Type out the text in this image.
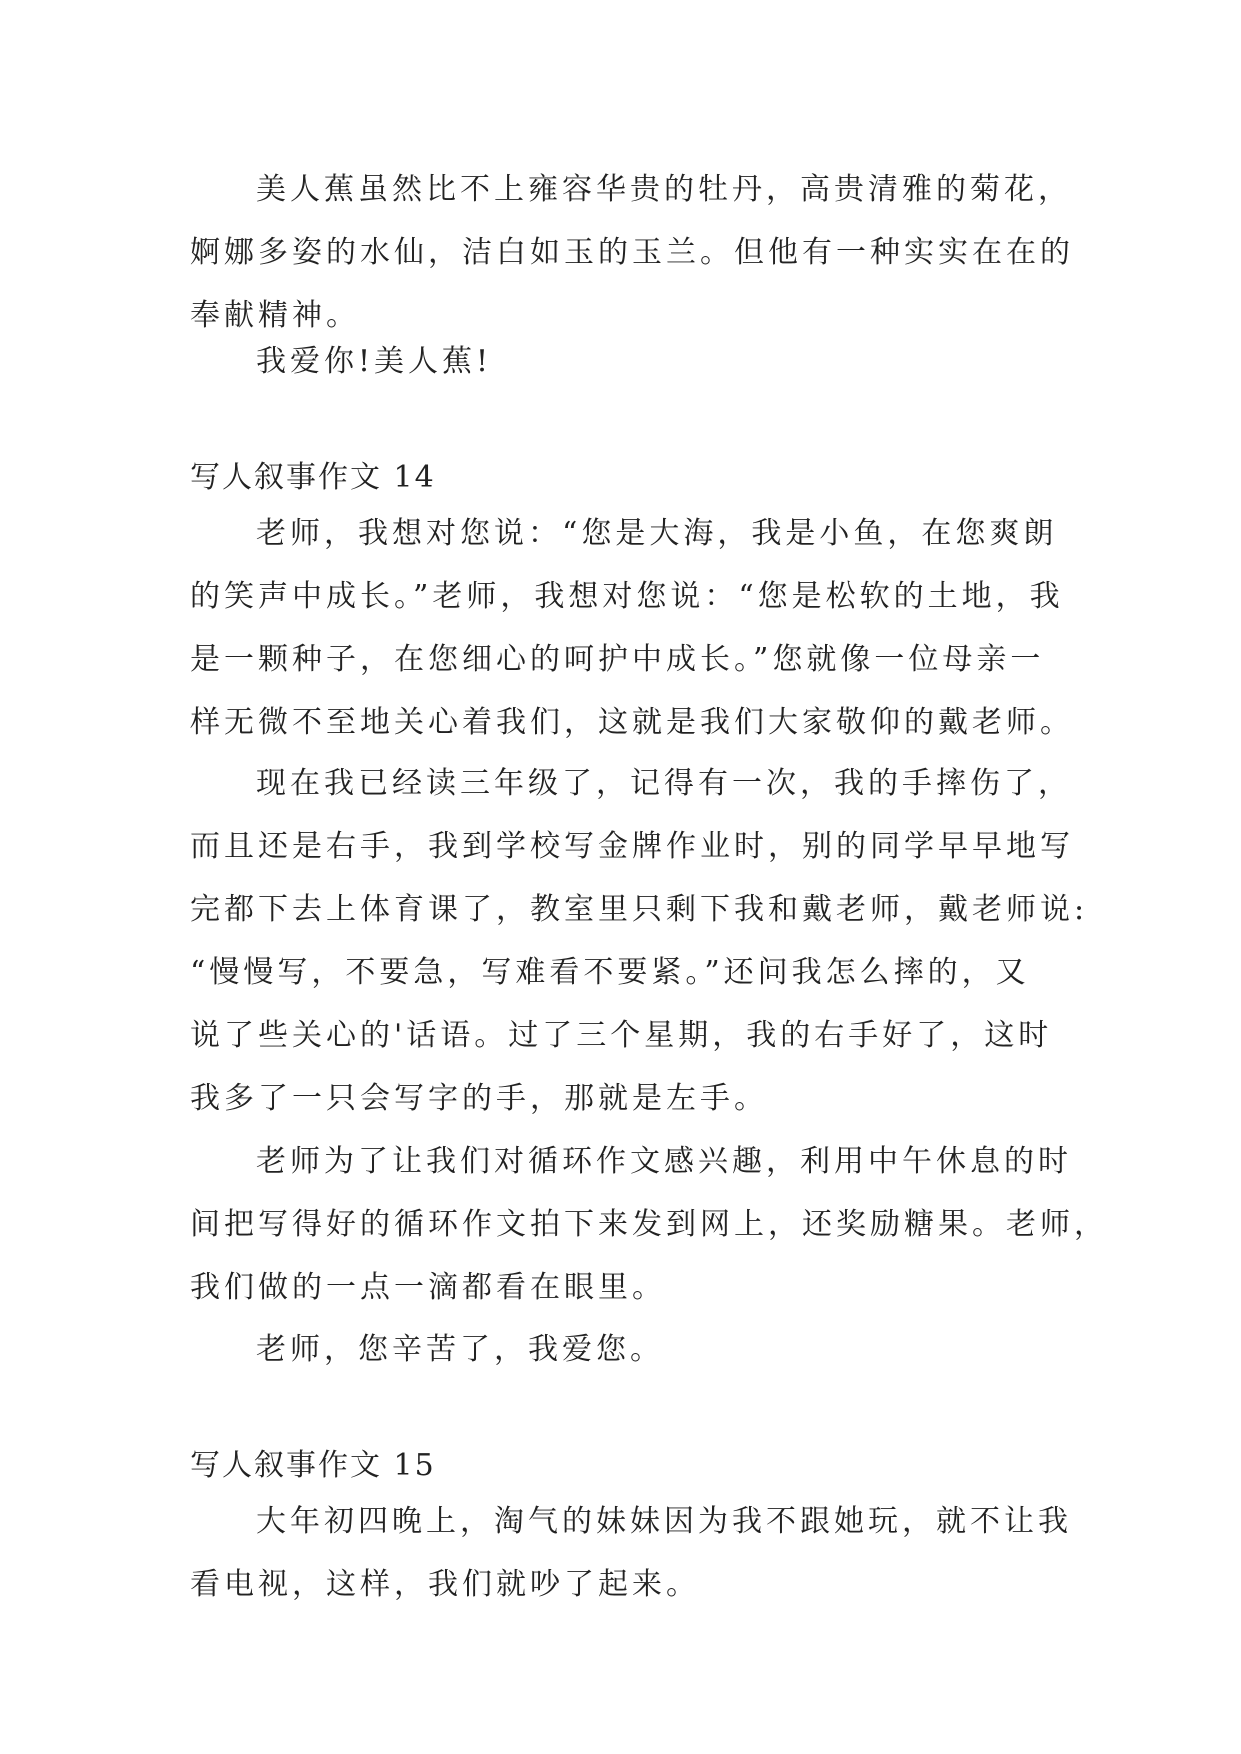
美人蕉虽然比不上雍容华贵的牡丹，高贵清雅的菊花，
婀娜多姿的水仙，洁白如玉的玉兰。但他有一种实实在在的
奉献精神。
我爱你!美人蕉!
写人叙事作文 14
老师，我想对您说：“您是大海，我是小鱼，在您爽朗
的笑声中成长。”老师，我想对您说：“您是松软的土地，我
是一颗种子，在您细心的呵护中成长。”您就像一位母亲一
样无微不至地关心着我们，这就是我们大家敬仰的戴老师。
现在我已经读三年级了，记得有一次，我的手摔伤了，
而且还是右手，我到学校写金牌作业时，别的同学早早地写
完都下去上体育课了，教室里只剩下我和戴老师，戴老师说:
“慢慢写，不要急，写难看不要紧。”还问我怎么摔的，又
说了些关心的'话语。过了三个星期，我的右手好了，这时
我多了一只会写字的手，那就是左手。
老师为了让我们对循环作文感兴趣，利用中午休息的时
间把写得好的循环作文拍下来发到网上，还奖励糖果。老师，
我们做的一点一滴都看在眼里。
老师，您辛苦了，我爱您。
写人叙事作文 15
大年初四晚上，淘气的妹妹因为我不跟她玩，就不让我
看电视，这样，我们就吵了起来。
